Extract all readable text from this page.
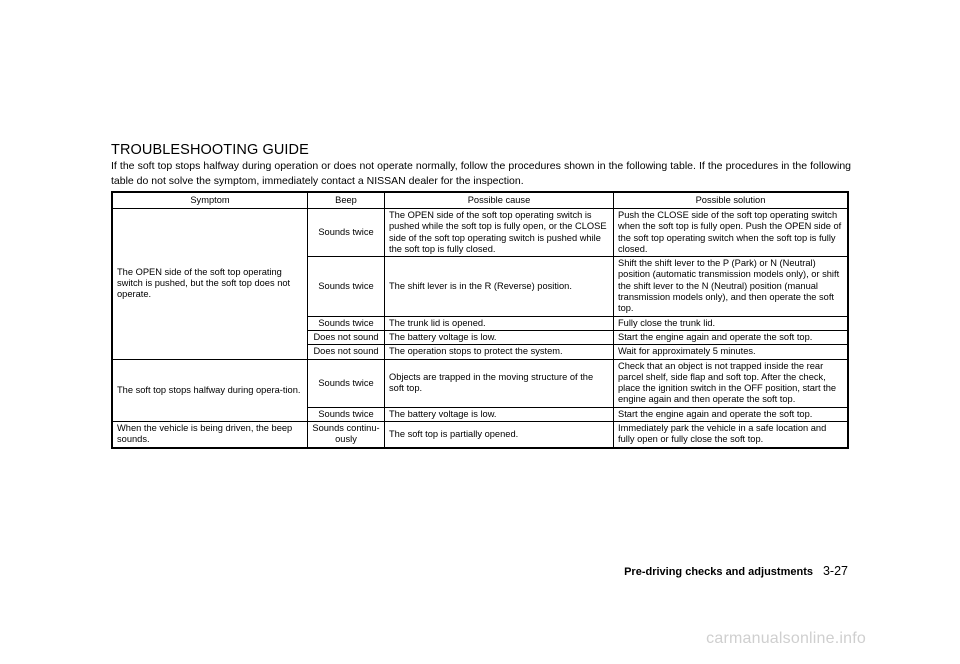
TROUBLESHOOTING GUIDE
If the soft top stops halfway during operation or does not operate normally, follow the procedures shown in the following table. If the procedures in the following table do not solve the symptom, immediately contact a NISSAN dealer for the inspection.
Symptom	Beep	Possible cause	Possible solution
The OPEN side of the soft top operating switch is pushed, but the soft top does not operate.	Sounds twice	The OPEN side of the soft top operating switch is pushed while the soft top is fully open, or the CLOSE side of the soft top operating switch is pushed while the soft top is fully closed.	Push the CLOSE side of the soft top operating switch when the soft top is fully open. Push the OPEN side of the soft top operating switch when the soft top is fully closed.
	Sounds twice	The shift lever is in the R (Reverse) position.	Shift the shift lever to the P (Park) or N (Neutral) position (automatic transmission models only), or shift the shift lever to the N (Neutral) position (manual transmission models only), and then operate the soft top.
	Sounds twice	The trunk lid is opened.	Fully close the trunk lid.
	Does not sound	The battery voltage is low.	Start the engine again and operate the soft top.
	Does not sound	The operation stops to protect the system.	Wait for approximately 5 minutes.
The soft top stops halfway during opera-tion.	Sounds twice	Objects are trapped in the moving structure of the soft top.	Check that an object is not trapped inside the rear parcel shelf, side flap and soft top. After the check, place the ignition switch in the OFF position, start the engine again and then operate the soft top.
	Sounds twice	The battery voltage is low.	Start the engine again and operate the soft top.
When the vehicle is being driven, the beep sounds.	Sounds continu-ously	The soft top is partially opened.	Immediately park the vehicle in a safe location and fully open or fully close the soft top.
Pre-driving checks and adjustments 3-27
carmanualsonline.info
